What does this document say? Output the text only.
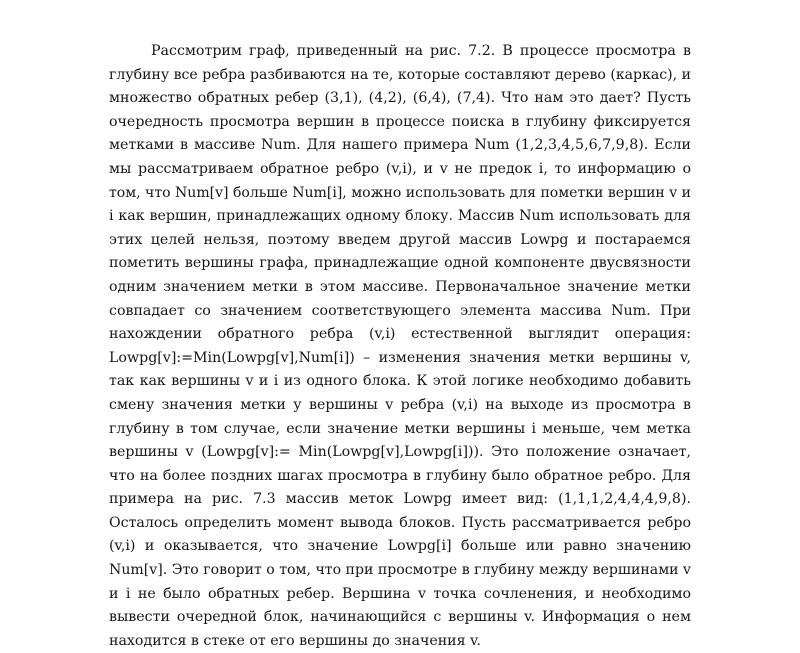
Рассмотрим граф, приведенный на рис. 7.2. В процессе просмотра в
глубину все ребра разбиваются на те, которые составляют дерево (каркас), и
множество обратных ребер (3,1), (4,2), (6,4), (7,4). Что нам это дает? Пусть
очередность просмотра вершин в процессе поиска в глубину фиксируется
метками в массиве Num. Для нашего примера Num (1,2,3,4,5,6,7,9,8). Если
мы рассматриваем обратное ребро (v,i), и v не предок i, то информацию о
том, что Num[v] больше Num[i], можно использовать для пометки вершин v и
i как вершин, принадлежащих одному блоку. Массив Num использовать для
этих целей нельзя, поэтому введем другой массив Lowpg и постараемся
пометить вершины графа, принадлежащие одной компоненте двусвязности
одним значением метки в этом массиве. Первоначальное значение метки
совпадает со значением соответствующего элемента массива Num. При
нахождении обратного ребра (v,i) естественной выглядит операция:
Lowpg[v]:=Min(Lowpg[v],Num[i]) – изменения значения метки вершины v,
так как вершины v и i из одного блока. К этой логике необходимо добавить
смену значения метки у вершины v ребра (v,i) на выходе из просмотра в
глубину в том случае, если значение метки вершины i меньше, чем метка
вершины v (Lowpg[v]:= Min(Lowpg[v],Lowpg[i])). Это положение означает,
что на более поздних шагах просмотра в глубину было обратное ребро. Для
примера на рис. 7.3 массив меток Lowpg имеет вид: (1,1,1,2,4,4,4,9,8).
Осталось определить момент вывода блоков. Пусть рассматривается ребро
(v,i) и оказывается, что значение Lowpg[i] больше или равно значению
Num[v]. Это говорит о том, что при просмотре в глубину между вершинами v
и i не было обратных ребер. Вершина v точка сочленения, и необходимо
вывести очередной блок, начинающийся с вершины v. Информация о нем
находится в стеке от его вершины до значения v.
